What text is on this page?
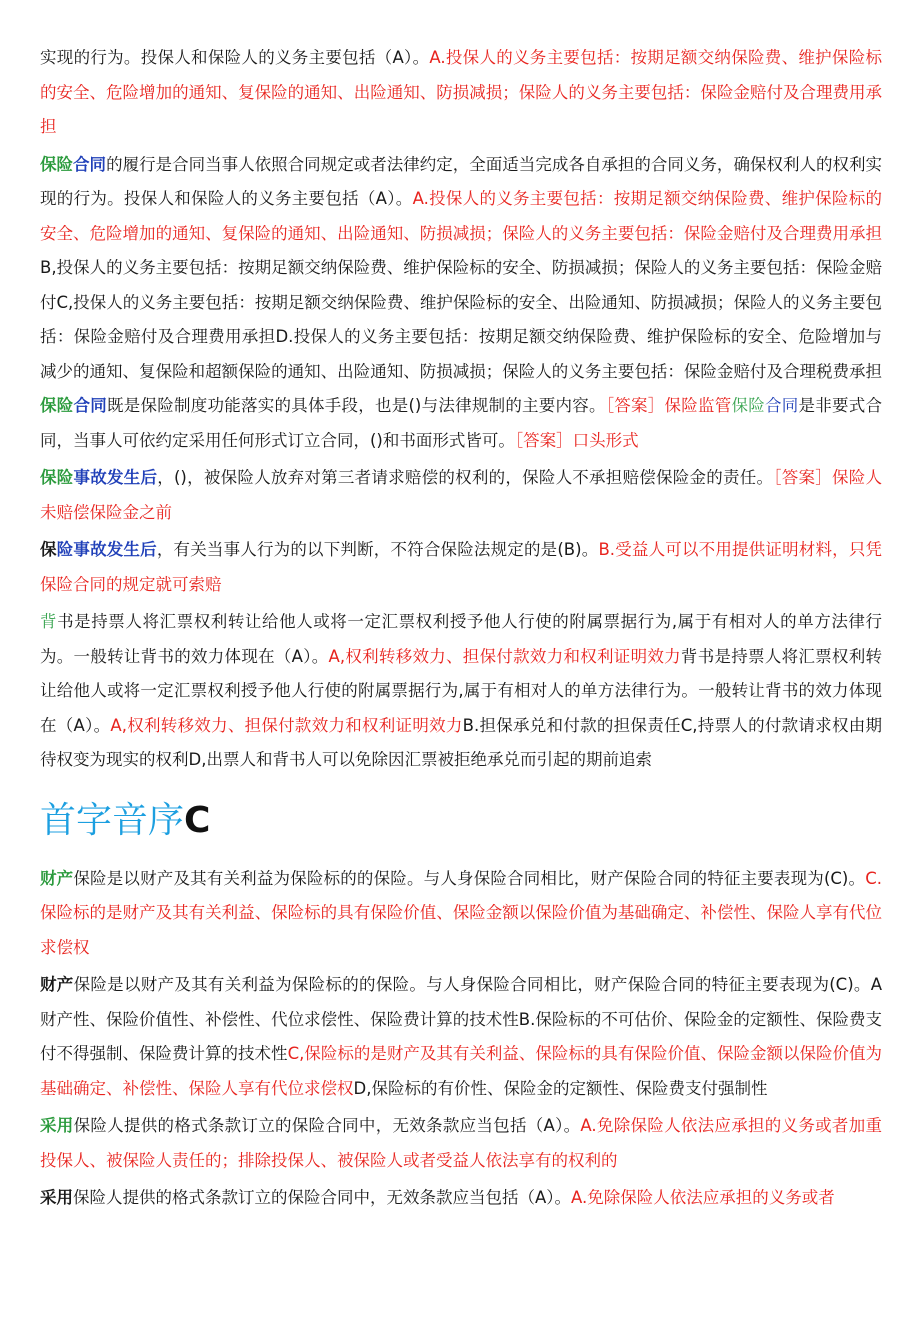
实现的行为。投保人和保险人的义务主要包括（A）。A.投保人的义务主要包括：按期足额交纳保险费、维护保险标的安全、危险增加的通知、复保险的通知、出险通知、防损减损；保险人的义务主要包括：保险金赔付及合理费用承担

保险合同的履行是合同当事人依照合同规定或者法律约定，全面适当完成各自承担的合同义务，确保权利人的权利实现的行为。投保人和保险人的义务主要包括（A）。A.投保人的义务主要包括：按期足额交纳保险费、维护保险标的安全、危险增加的通知、复保险的通知、出险通知、防损减损；保险人的义务主要包括：保险金赔付及合理费用承担B,投保人的义务主要包括：按期足额交纳保险费、维护保险标的安全、防损减损；保险人的义务主要包括：保险金赔付C,投保人的义务主要包括：按期足额交纳保险费、维护保险标的安全、出险通知、防损减损；保险人的义务主要包括：保险金赔付及合理费用承担D.投保人的义务主要包括：按期足额交纳保险费、维护保险标的安全、危险增加与减少的通知、复保险和超额保险的通知、出险通知、防损减损；保险人的义务主要包括：保险金赔付及合理税费承担保险合同既是保险制度功能落实的具体手段，也是()与法律规制的主要内容。［答案］保险监管保险合同是非要式合同，当事人可依约定采用任何形式订立合同，()和书面形式皆可。［答案］口头形式

保险事故发生后，()，被保险人放弃对第三者请求赔偿的权利的，保险人不承担赔偿保险金的责任。［答案］保险人未赔偿保险金之前

保险事故发生后，有关当事人行为的以下判断，不符合保险法规定的是(B)。B.受益人可以不用提供证明材料，只凭保险合同的规定就可索赔

背书是持票人将汇票权利转让给他人或将一定汇票权利授予他人行使的附属票据行为,属于有相对人的单方法律行为。一般转让背书的效力体现在（A）。A,权利转移效力、担保付款效力和权利证明效力背书是持票人将汇票权利转让给他人或将一定汇票权利授予他人行使的附属票据行为,属于有相对人的单方法律行为。一般转让背书的效力体现在（A）。A,权利转移效力、担保付款效力和权利证明效力B.担保承兑和付款的担保责任C,持票人的付款请求权由期待权变为现实的权利D,出票人和背书人可以免除因汇票被拒绝承兑而引起的期前追索

首字音序C

财产保险是以财产及其有关利益为保险标的的保险。与人身保险合同相比，财产保险合同的特征主要表现为(C)。C.保险标的是财产及其有关利益、保险标的具有保险价值、保险金额以保险价值为基础确定、补偿性、保险人享有代位求偿权

财产保险是以财产及其有关利益为保险标的的保险。与人身保险合同相比，财产保险合同的特征主要表现为(C)。A财产性、保险价值性、补偿性、代位求偿性、保险费计算的技术性B.保险标的不可估价、保险金的定额性、保险费支付不得强制、保险费计算的技术性C,保险标的是财产及其有关利益、保险标的具有保险价值、保险金额以保险价值为基础确定、补偿性、保险人享有代位求偿权D,保险标的有价性、保险金的定额性、保险费支付强制性

采用保险人提供的格式条款订立的保险合同中，无效条款应当包括（A）。A.免除保险人依法应承担的义务或者加重投保人、被保险人责任的；排除投保人、被保险人或者受益人依法享有的权利的

采用保险人提供的格式条款订立的保险合同中，无效条款应当包括（A）。A.免除保险人依法应承担的义务或者
